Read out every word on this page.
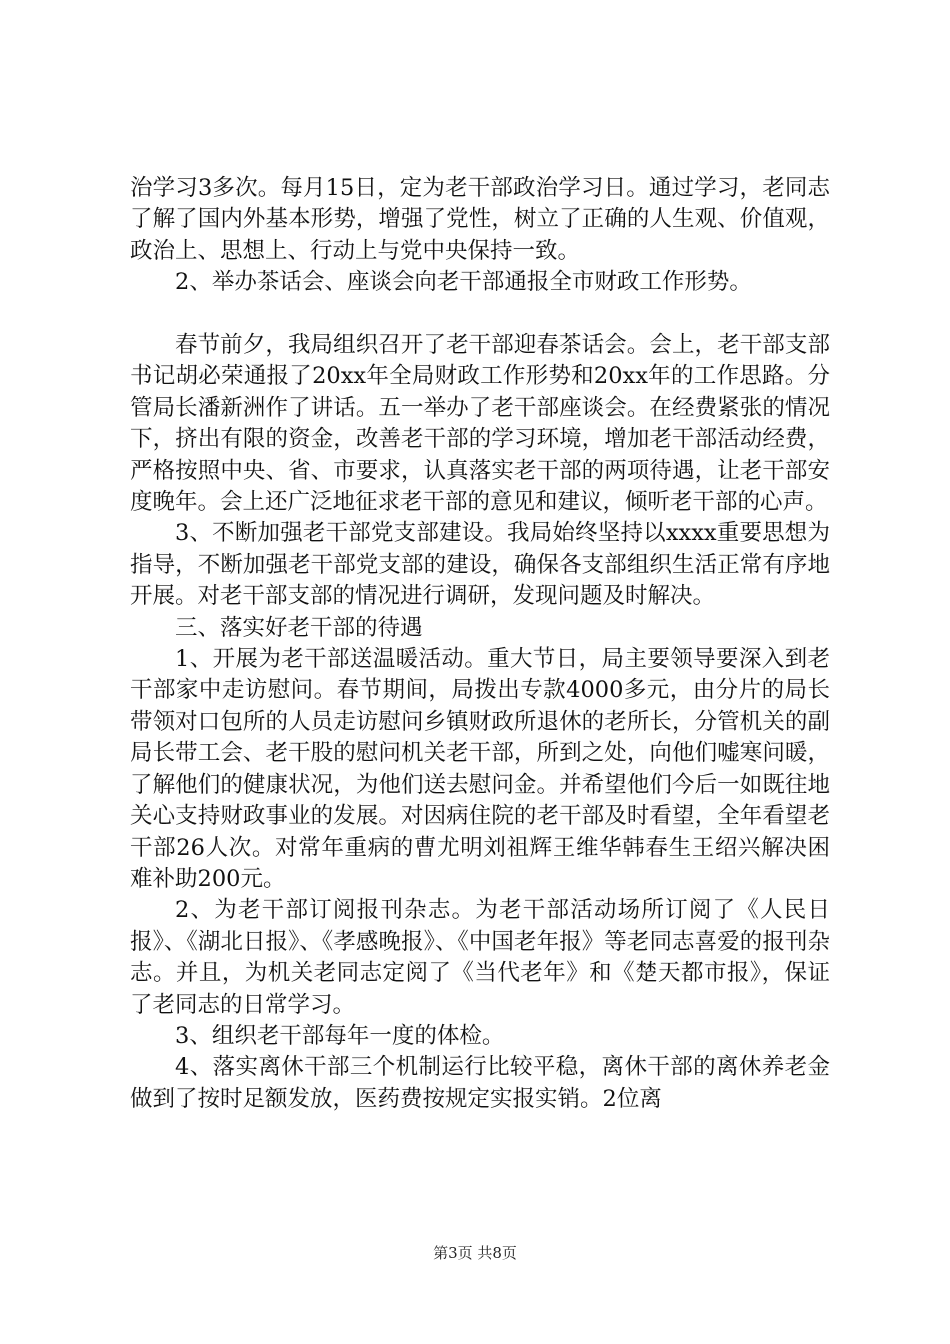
治学习3多次。每月15日，定为老干部政治学习日。通过学习，老同志了解了国内外基本形势，增强了党性，树立了正确的人生观、价值观，政治上、思想上、行动上与党中央保持一致。

2、举办茶话会、座谈会向老干部通报全市财政工作形势。

春节前夕，我局组织召开了老干部迎春茶话会。会上，老干部支部书记胡必荣通报了20xx年全局财政工作形势和20xx年的工作思路。分管局长潘新洲作了讲话。五一举办了老干部座谈会。在经费紧张的情况下，挤出有限的资金，改善老干部的学习环境，增加老干部活动经费，严格按照中央、省、市要求，认真落实老干部的两项待遇，让老干部安度晚年。会上还广泛地征求老干部的意见和建议，倾听老干部的心声。

3、不断加强老干部党支部建设。我局始终坚持以xxxx重要思想为指导，不断加强老干部党支部的建设，确保各支部组织生活正常有序地开展。对老干部支部的情况进行调研，发现问题及时解决。

三、落实好老干部的待遇

1、开展为老干部送温暖活动。重大节日，局主要领导要深入到老干部家中走访慰问。春节期间，局拨出专款4000多元，由分片的局长带领对口包所的人员走访慰问乡镇财政所退休的老所长，分管机关的副局长带工会、老干股的慰问机关老干部，所到之处，向他们嘘寒问暖，了解他们的健康状况，为他们送去慰问金。并希望他们今后一如既往地关心支持财政事业的发展。对因病住院的老干部及时看望，全年看望老干部26人次。对常年重病的曹尤明刘祖辉王维华韩春生王绍兴解决困难补助200元。

2、为老干部订阅报刊杂志。为老干部活动场所订阅了《人民日报》、《湖北日报》、《孝感晚报》、《中国老年报》等老同志喜爱的报刊杂志。并且，为机关老同志定阅了《当代老年》和《楚天都市报》，保证了老同志的日常学习。

3、组织老干部每年一度的体检。

4、落实离休干部三个机制运行比较平稳，离休干部的离休养老金做到了按时足额发放，医药费按规定实报实销。2位离

第3页 共8页
